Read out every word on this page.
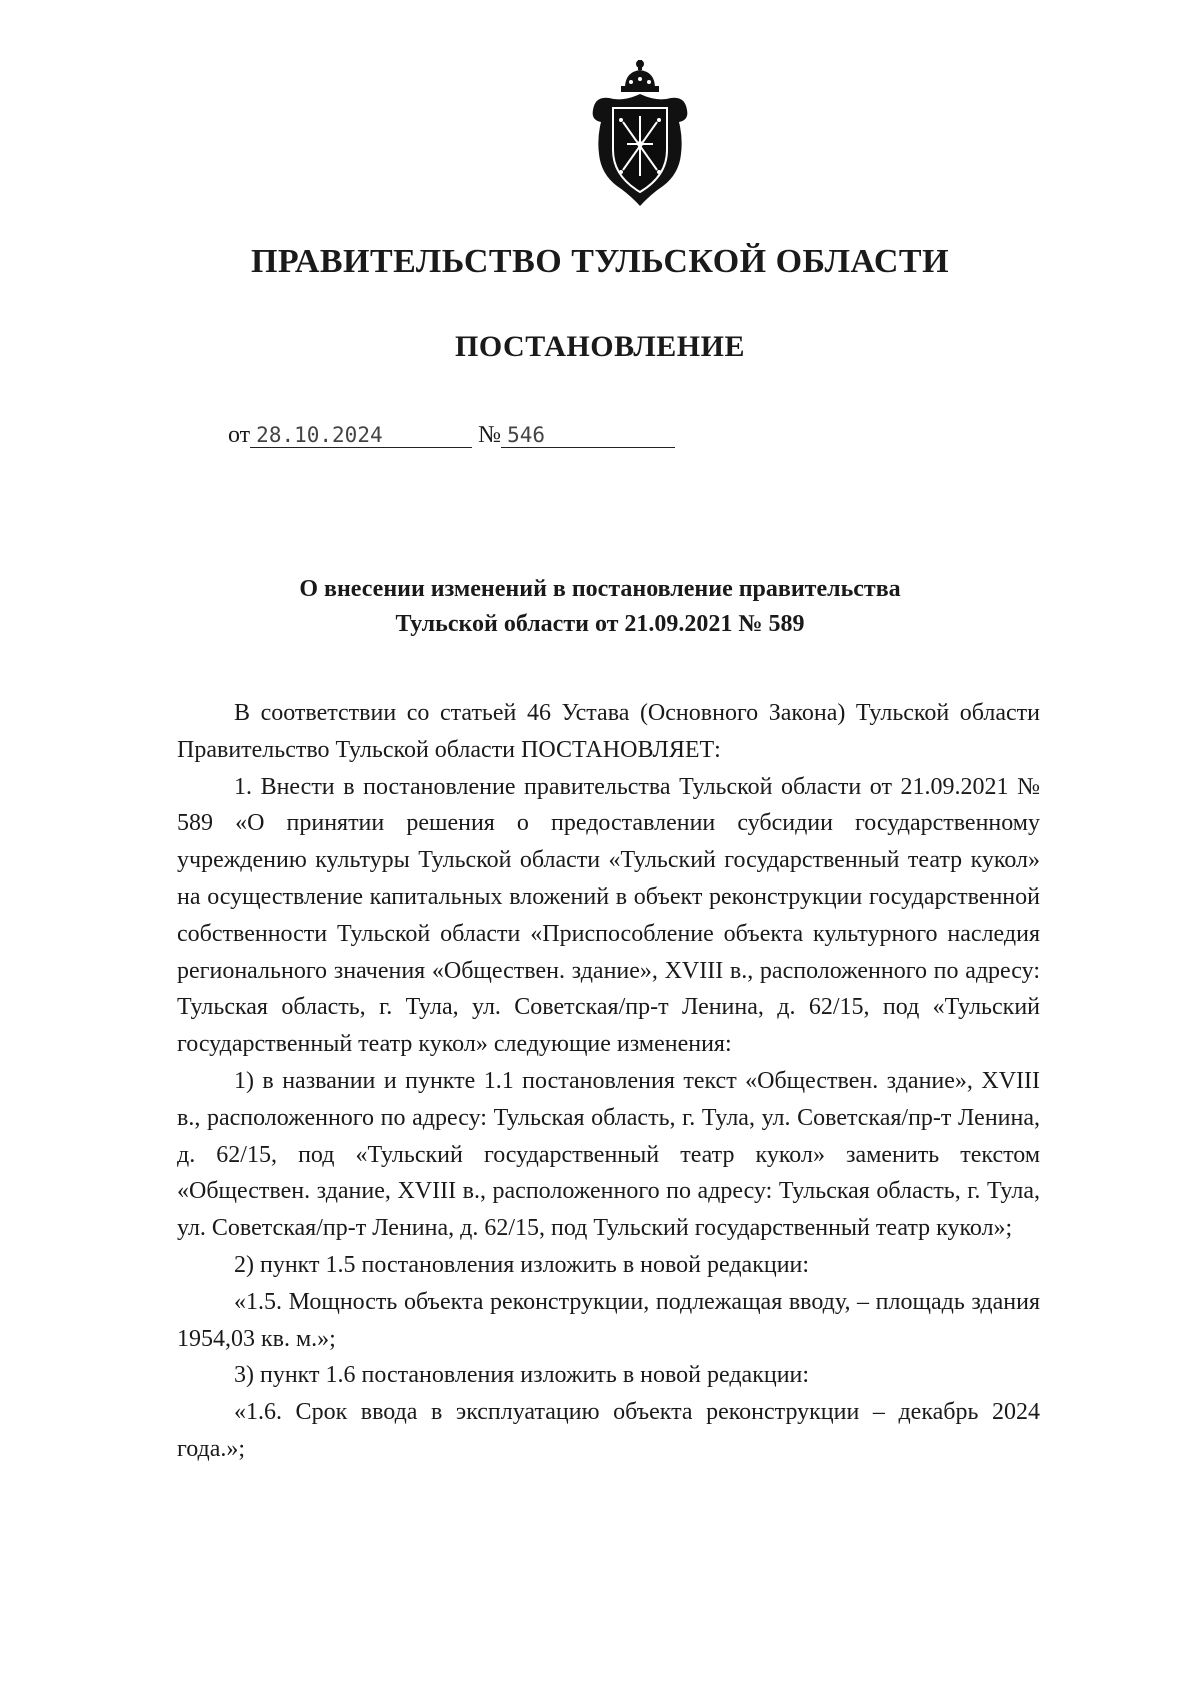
ПРАВИТЕЛЬСТВО ТУЛЬСКОЙ ОБЛАСТИ
ПОСТАНОВЛЕНИЕ
от 28.10.2024	№ 546
О внесении изменений в постановление правительства
Тульской области от 21.09.2021 № 589

В соответствии со статьей 46 Устава (Основного Закона) Тульской области Правительство Тульской области ПОСТАНОВЛЯЕТ:

1. Внести в постановление правительства Тульской области от 21.09.2021 № 589 «О принятии решения о предоставлении субсидии государственному учреждению культуры Тульской области «Тульский государственный театр кукол» на осуществление капитальных вложений в объект реконструкции государственной собственности Тульской области «Приспособление объекта культурного наследия регионального значения «Обществен. здание», XVIII в., расположенного по адресу: Тульская область, г. Тула, ул. Советская/пр-т Ленина, д. 62/15, под «Тульский государственный театр кукол» следующие изменения:

1) в названии и пункте 1.1 постановления текст «Обществен. здание», XVIII в., расположенного по адресу: Тульская область, г. Тула, ул. Советская/пр-т Ленина, д. 62/15, под «Тульский государственный театр кукол» заменить текстом «Обществен. здание, XVIII в., расположенного по адресу: Тульская область, г. Тула, ул. Советская/пр-т Ленина, д. 62/15, под Тульский государственный театр кукол»;

2) пункт 1.5 постановления изложить в новой редакции:

«1.5. Мощность объекта реконструкции, подлежащая вводу, – площадь здания 1954,03 кв. м.»;

3) пункт 1.6 постановления изложить в новой редакции:

«1.6. Срок ввода в эксплуатацию объекта реконструкции – декабрь 2024 года.»;
